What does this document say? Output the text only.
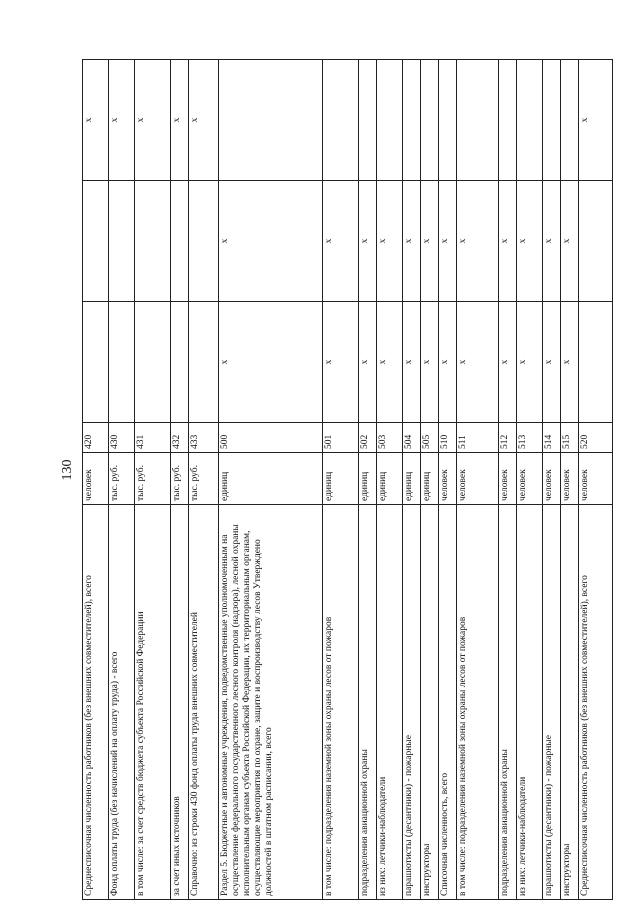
130
Среднесписочная численность работников (без внешних совместителей), всего	человек	420			х
Фонд оплаты труда (без начислений на оплату труда) - всего	тыс. руб.	430			х
в том числе: за счет средств бюджета субъекта Российской Федерации	тыс. руб.	431			х
за счет иных источников	тыс. руб.	432			х
Справочно: из строки 430 фонд оплаты труда внешних совместителей	тыс. руб.	433			х
Раздел 5. Бюджетные и автономные учреждения, подведомственные уполномоченным на осуществление федерального государственного лесного контроля (надзора), лесной охраны исполнительным органам субъекта Российской Федерации, их территориальным органам, осуществляющие мероприятия по охране, защите и воспроизводству лесов Утверждено должностей в штатном расписании, всего	единиц	500	х	х	
в том числе: подразделения наземной зоны охраны лесов от пожаров	единиц	501	х	х	
подразделения авиационной охраны	единиц	502	х	х	
из них: летчики-наблюдатели	единиц	503	х	х	
парашютисты (десантники) - пожарные	единиц	504	х	х	
инструкторы	единиц	505	х	х	
Списочная численность, всего	человек	510	х	х	
в том числе: подразделения наземной зоны охраны лесов от пожаров	человек	511	х	х	
подразделения авиационной охраны	человек	512	х	х	
из них: летчики-наблюдатели	человек	513	х	х	
парашютисты (десантники) - пожарные	человек	514	х	х	
инструкторы	человек	515	х	х	
Среднесписочная численность работников (без внешних совместителей), всего	человек	520			х
